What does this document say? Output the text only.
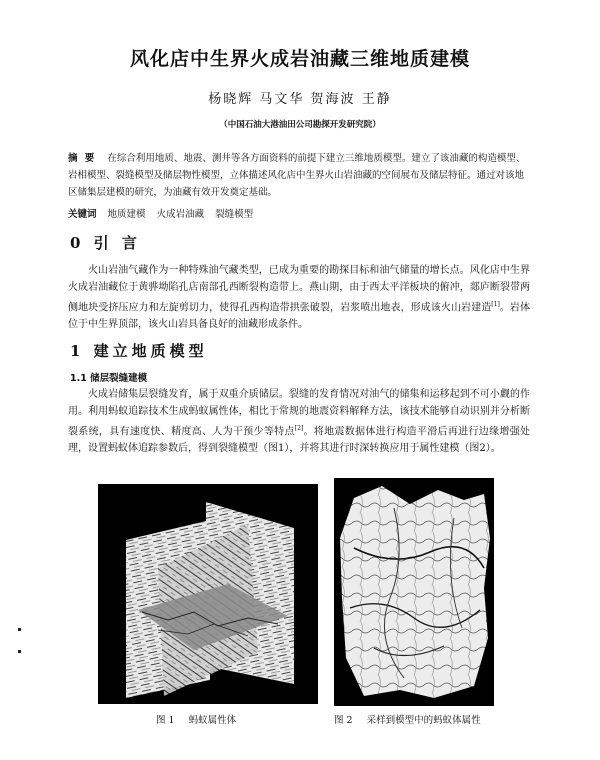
风化店中生界火成岩油藏三维地质建模
杨晓辉 马文华 贺海波 王静
（中国石油大港油田公司勘探开发研究院）
摘 要 在综合利用地质、地震、测井等各方面资料的前提下建立三维地质模型。建立了该油藏的构造模型、岩相模型、裂缝模型及储层物性模型，立体描述风化店中生界火山岩油藏的空间展布及储层特征。通过对该地区储集层建模的研究，为油藏有效开发奠定基础。
关键词 地质建模 火成岩油藏 裂缝模型
0 引 言
火山岩油气藏作为一种特殊油气藏类型，已成为重要的勘探目标和油气储量的增长点。风化店中生界火成岩油藏位于黄骅坳陷孔店南部孔西断裂构造带上。燕山期，由于西太平洋板块的俯冲，郯庐断裂带两侧地块受挤压应力和左旋剪切力，使得孔西构造带拱张破裂，岩浆喷出地表，形成该火山岩建造[1]。岩体位于中生界顶部，该火山岩具备良好的油藏形成条件。
1 建立地质模型
1.1 储层裂缝建模
火成岩储集层裂缝发育，属于双重介质储层。裂缝的发育情况对油气的储集和运移起到不可小觑的作用。利用蚂蚁追踪技术生成蚂蚁属性体，相比于常规的地震资料解释方法，该技术能够自动识别并分析断裂系统，具有速度快、精度高、人为干预少等特点[2]。将地震数据体进行构造平滑后再进行边缘增强处理，设置蚂蚁体追踪参数后，得到裂缝模型（图1），并将其进行时深转换应用于属性建模（图2）。
图 1 蚂蚁属性体	图 2 采样到模型中的蚂蚁体属性
